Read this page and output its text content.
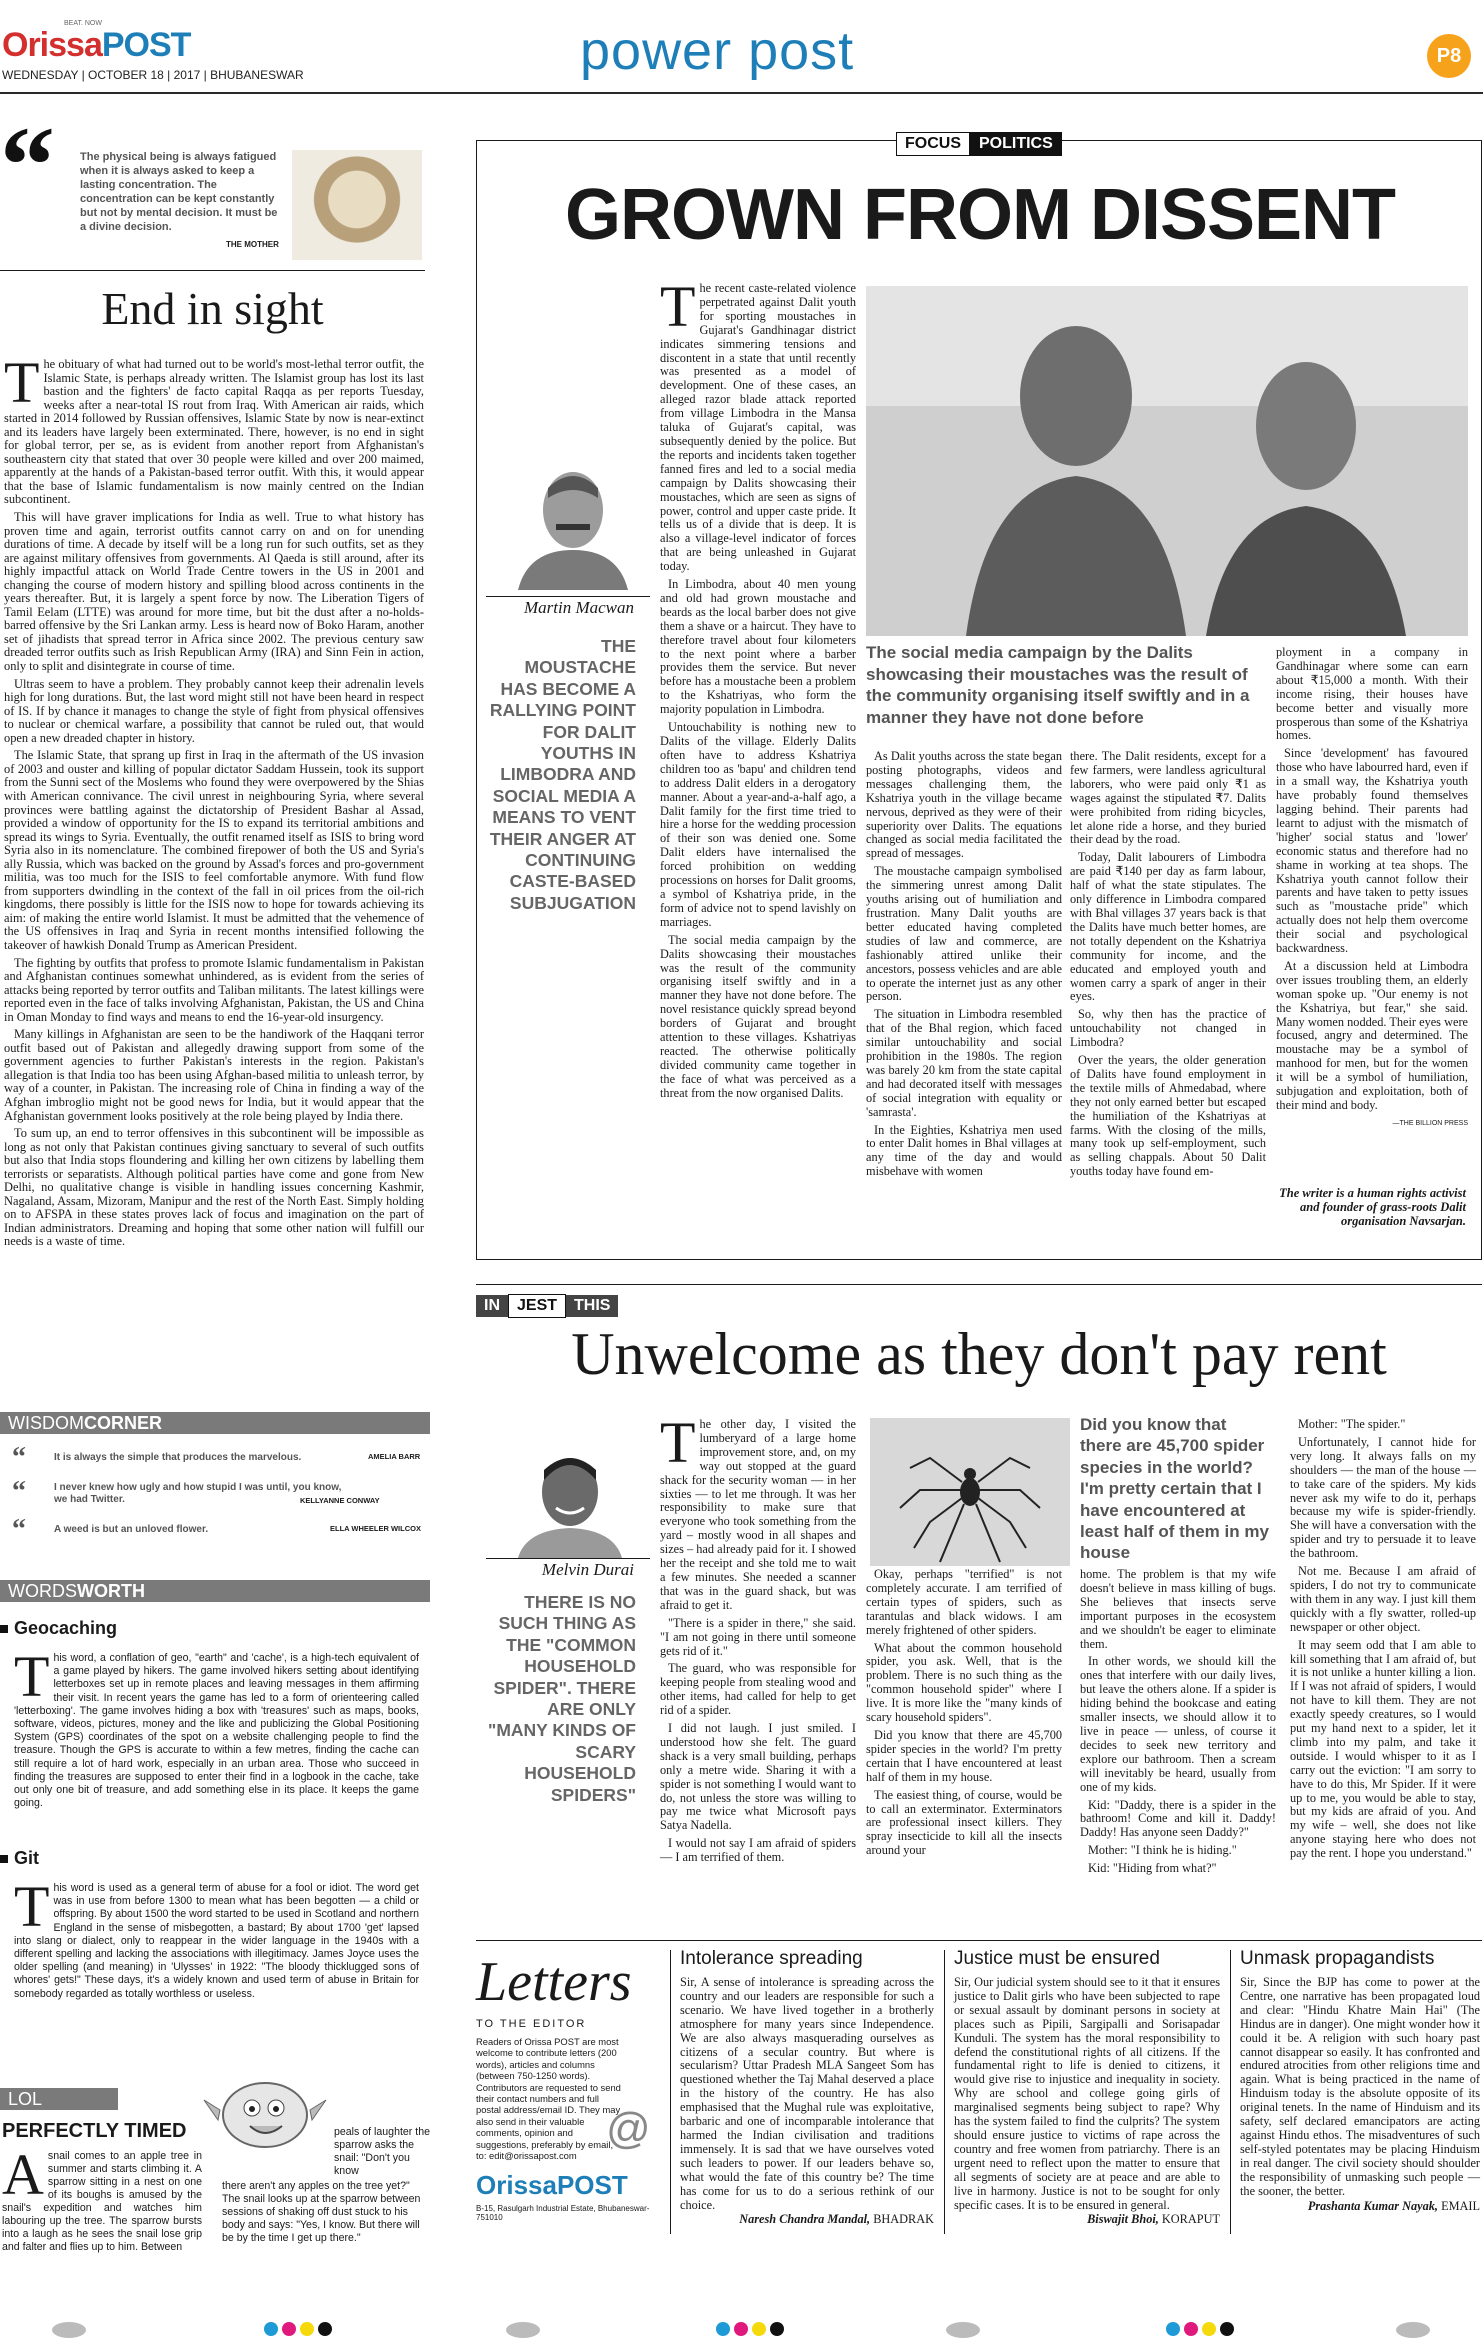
BEAT. NOW
OrissaPOST
WEDNESDAY | OCTOBER 18 | 2017 | BHUBANESWAR	power post	P8
“ The physical being is always fatigued when it is always asked to keep a lasting concentration. The concentration can be kept constantly but not by mental decision. It must be a divine decision.
THE MOTHER
End in sight

The obituary of what had turned out to be world's most-lethal terror outfit, the Islamic State, is perhaps already written. The Islamist group has lost its last bastion and the fighters' de facto capital Raqqa as per reports Tuesday, weeks after a near-total IS rout from Iraq. With American air raids, which started in 2014 followed by Russian offensives, Islamic State by now is near-extinct and its leaders have largely been exterminated. There, however, is no end in sight for global terror, per se, as is evident from another report from Afghanistan's southeastern city that stated that over 30 people were killed and over 200 maimed, apparently at the hands of a Pakistan-based terror outfit. With this, it would appear that the base of Islamic fundamentalism is now mainly centred on the Indian subcontinent.

This will have graver implications for India as well. True to what history has proven time and again, terrorist outfits cannot carry on and on for unending durations of time. A decade by itself will be a long run for such outfits, set as they are against military offensives from governments. Al Qaeda is still around, after its highly impactful attack on World Trade Centre towers in the US in 2001 and changing the course of modern history and spilling blood across continents in the years thereafter. But, it is largely a spent force by now. The Liberation Tigers of Tamil Eelam (LTTE) was around for more time, but bit the dust after a no-holds-barred offensive by the Sri Lankan army. Less is heard now of Boko Haram, another set of jihadists that spread terror in Africa since 2002. The previous century saw dreaded terror outfits such as Irish Republican Army (IRA) and Sinn Fein in action, only to split and disintegrate in course of time.

Ultras seem to have a problem. They probably cannot keep their adrenalin levels high for long durations. But, the last word might still not have been heard in respect of IS. If by chance it manages to change the style of fight from physical offensives to nuclear or chemical warfare, a possibility that cannot be ruled out, that would open a new dreaded chapter in history.

The Islamic State, that sprang up first in Iraq in the aftermath of the US invasion of 2003 and ouster and killing of popular dictator Saddam Hussein, took its support from the Sunni sect of the Moslems who found they were overpowered by the Shias with American connivance. The civil unrest in neighbouring Syria, where several provinces were battling against the dictatorship of President Bashar al Assad, provided a window of opportunity for the IS to expand its territorial ambitions and spread its wings to Syria. Eventually, the outfit renamed itself as ISIS to bring word Syria also in its nomenclature. The combined firepower of both the US and Syria's ally Russia, which was backed on the ground by Assad's forces and pro-government militia, was too much for the ISIS to feel comfortable anymore. With fund flow from supporters dwindling in the context of the fall in oil prices from the oil-rich kingdoms, there possibly is little for the ISIS now to hope for towards achieving its aim: of making the entire world Islamist. It must be admitted that the vehemence of the US offensives in Iraq and Syria in recent months intensified following the takeover of hawkish Donald Trump as American President.

The fighting by outfits that profess to promote Islamic fundamentalism in Pakistan and Afghanistan continues somewhat unhindered, as is evident from the series of attacks being reported by terror outfits and Taliban militants. The latest killings were reported even in the face of talks involving Afghanistan, Pakistan, the US and China in Oman Monday to find ways and means to end the 16-year-old insurgency.

Many killings in Afghanistan are seen to be the handiwork of the Haqqani terror outfit based out of Pakistan and allegedly drawing support from some of the government agencies to further Pakistan's interests in the region. Pakistan's allegation is that India too has been using Afghan-based militia to unleash terror, by way of a counter, in Pakistan. The increasing role of China in finding a way of the Afghan imbroglio might not be good news for India, but it would appear that the Afghanistan government looks positively at the role being played by India there.

To sum up, an end to terror offensives in this subcontinent will be impossible as long as not only that Pakistan continues giving sanctuary to several of such outfits but also that India stops floundering and killing her own citizens by labelling them terrorists or separatists. Although political parties have come and gone from New Delhi, no qualitative change is visible in handling issues concerning Kashmir, Nagaland, Assam, Mizoram, Manipur and the rest of the North East. Simply holding on to AFSPA in these states proves lack of focus and imagination on the part of Indian administrators. Dreaming and hoping that some other nation will fulfill our needs is a waste of time.

WISDOMCORNER
“	It is always the simple that produces the marvelous.	AMELIA BARR
“	I never knew how ugly and how stupid I was until, you know, we had Twitter.	KELLYANNE CONWAY
“	A weed is but an unloved flower.	ELLA WHEELER WILCOX
WORDSWORTH
Geocaching
This word, a conflation of geo, "earth" and 'cache', is a high-tech equivalent of a game played by hikers. The game involved hikers setting about identifying letterboxes set up in remote places and leaving messages in them affirming their visit. In recent years the game has led to a form of orienteering called 'letterboxing'. The game involves hiding a box with 'treasures' such as maps, books, software, videos, pictures, money and the like and publicizing the Global Positioning System (GPS) coordinates of the spot on a website challenging people to find the treasure. Though the GPS is accurate to within a few metres, finding the cache can still require a lot of hard work, especially in an urban area. Those who succeed in finding the treasures are supposed to enter their find in a logbook in the cache, take out only one bit of treasure, and add something else in its place. It keeps the game going.
Git
This word is used as a general term of abuse for a fool or idiot. The word get was in use from before 1300 to mean what has been begotten — a child or offspring. By about 1500 the word started to be used in Scotland and northern England in the sense of misbegotten, a bastard; By about 1700 'get' lapsed into slang or dialect, only to reappear in the wider language in the 1940s with a different spelling and lacking the associations with illegitimacy. James Joyce uses the older spelling (and meaning) in 'Ulysses' in 1922: "The bloody thicklugged sons of whores' gets!" These days, it's a widely known and used term of abuse in Britain for somebody regarded as totally worthless or useless.
LOL
PERFECTLY TIMED
Asnail comes to an apple tree in summer and starts climbing it. A sparrow sitting in a nest on one of its boughs is amused by the snail's expedition and watches him labouring up the tree. The sparrow bursts into a laugh as he sees the snail lose grip and falter and flies up to him. Between
peals of laughter the sparrow asks the snail: "Don't you know
there aren't any apples on the tree yet?" The snail looks up at the sparrow between sessions of shaking off dust stuck to his body and says: "Yes, I know. But there will be by the time I get up there."
FOCUS POLITICS
GROWN FROM DISSENT
Martin Macwan
THE MOUSTACHE HAS BECOME A RALLYING POINT FOR DALIT YOUTHS IN LIMBODRA AND SOCIAL MEDIA A MEANS TO VENT THEIR ANGER AT CONTINUING CASTE-BASED SUBJUGATION

The recent caste-related violence perpetrated against Dalit youth for sporting moustaches in Gujarat's Gandhinagar district indicates simmering tensions and discontent in a state that until recently was presented as a model of development. One of these cases, an alleged razor blade attack reported from village Limbodra in the Mansa taluka of Gujarat's capital, was subsequently denied by the police. But the reports and incidents taken together fanned fires and led to a social media campaign by Dalits showcasing their moustaches, which are seen as signs of power, control and upper caste pride. It tells us of a divide that is deep. It is also a village-level indicator of forces that are being unleashed in Gujarat today.

In Limbodra, about 40 men young and old had grown moustache and beards as the local barber does not give them a shave or a haircut. They have to therefore travel about four kilometers to the next point where a barber provides them the service. But never before has a moustache been a problem to the Kshatriyas, who form the majority population in Limbodra.

Untouchability is nothing new to Dalits of the village. Elderly Dalits often have to address Kshatriya children too as 'bapu' and children tend to address Dalit elders in a derogatory manner. About a year-and-a-half ago, a Dalit family for the first time tried to hire a horse for the wedding procession of their son was denied one. Some Dalit elders have internalised the forced prohibition on wedding processions on horses for Dalit grooms, a symbol of Kshatriya pride, in the form of advice not to spend lavishly on marriages.

The social media campaign by the Dalits showcasing their moustaches was the result of the community organising itself swiftly and in a manner they have not done before. The novel resistance quickly spread beyond borders of Gujarat and brought attention to these villages. Kshatriyas reacted. The otherwise politically divided community came together in the face of what was perceived as a threat from the now organised Dalits.

The social media campaign by the Dalits showcasing their moustaches was the result of the community organising itself swiftly and in a manner they have not done before

ployment in a company in Gandhinagar where some can earn about ₹15,000 a month. With their income rising, their houses have become better and visually more prosperous than some of the Kshatriya homes.

Since 'development' has favoured those who have labourred hard, even if in a small way, the Kshatriya youth have probably found themselves lagging behind. Their parents had learnt to adjust with the mismatch of 'higher' social status and 'lower' economic status and therefore had no shame in working at tea shops. The Kshatriya youth cannot follow their parents and have taken to petty issues such as "moustache pride" which actually does not help them overcome their social and psychological backwardness.

At a discussion held at Limbodra over issues troubling them, an elderly woman spoke up. "Our enemy is not the Kshatriya, but fear," she said. Many women nodded. Their eyes were focused, angry and determined. The moustache may be a symbol of manhood for men, but for the women it will be a symbol of humiliation, subjugation and exploitation, both of their mind and body.

—THE BILLION PRESS

As Dalit youths across the state began posting photographs, videos and messages challenging them, the Kshatriya youth in the village became nervous, deprived as they were of their superiority over Dalits. The equations changed as social media facilitated the spread of messages.

The moustache campaign symbolised the simmering unrest among Dalit youths arising out of humiliation and frustration. Many Dalit youths are better educated having completed studies of law and commerce, are fashionably attired unlike their ancestors, possess vehicles and are able to operate the internet just as any other person.

The situation in Limbodra resembled that of the Bhal region, which faced similar untouchability and social prohibition in the 1980s. The region was barely 20 km from the state capital and had decorated itself with messages of social integration with equality or 'samrasta'.

In the Eighties, Kshatriya men used to enter Dalit homes in Bhal villages at any time of the day and would misbehave with women

there. The Dalit residents, except for a few farmers, were landless agricultural laborers, who were paid only ₹1 as wages against the stipulated ₹7. Dalits were prohibited from riding bicycles, let alone ride a horse, and they buried their dead by the road.

Today, Dalit labourers of Limbodra are paid ₹140 per day as farm labour, half of what the state stipulates. The only difference in Limbodra compared with Bhal villages 37 years back is that the Dalits have much better homes, are not totally dependent on the Kshatriya community for income, and the educated and employed youth and women carry a spark of anger in their eyes.

So, why then has the practice of untouchability not changed in Limbodra?

Over the years, the older generation of Dalits have found employment in the textile mills of Ahmedabad, where they not only earned better but escaped the humiliation of the Kshatriyas at farms. With the closing of the mills, many took up self-employment, such as selling chappals. About 50 Dalit youths today have found em-

The writer is a human rights activist and founder of grass-roots Dalit organisation Navsarjan.
IN JEST THIS
Unwelcome as they don't pay rent
Melvin Durai
THERE IS NO SUCH THING AS THE "COMMON HOUSEHOLD SPIDER". THERE ARE ONLY "MANY KINDS OF SCARY HOUSEHOLD SPIDERS"

The other day, I visited the lumberyard of a large home improvement store, and, on my way out stopped at the guard shack for the security woman — in her sixties — to let me through. It was her responsibility to make sure that everyone who took something from the yard – mostly wood in all shapes and sizes – had already paid for it. I showed her the receipt and she told me to wait a few minutes. She needed a scanner that was in the guard shack, but was afraid to get it.

"There is a spider in there," she said. "I am not going in there until someone gets rid of it."

The guard, who was responsible for keeping people from stealing wood and other items, had called for help to get rid of a spider.

I did not laugh. I just smiled. I understood how she felt. The guard shack is a very small building, perhaps only a metre wide. Sharing it with a spider is not something I would want to do, not unless the store was willing to pay me twice what Microsoft pays Satya Nadella.

I would not say I am afraid of spiders — I am terrified of them.

Did you know that there are 45,700 spider species in the world? I'm pretty certain that I have encountered at least half of them in my house

Okay, perhaps "terrified" is not completely accurate. I am terrified of certain types of spiders, such as tarantulas and black widows. I am merely frightened of other spiders.

What about the common household spider, you ask. Well, that is the problem. There is no such thing as the "common household spider" where I live. It is more like the "many kinds of scary household spiders".

Did you know that there are 45,700 spider species in the world? I'm pretty certain that I have encountered at least half of them in my house.

The easiest thing, of course, would be to call an exterminator. Exterminators are professional insect killers. They spray insecticide to kill all the insects around your

home. The problem is that my wife doesn't believe in mass killing of bugs. She believes that insects serve important purposes in the ecosystem and we shouldn't be eager to eliminate them.

In other words, we should kill the ones that interfere with our daily lives, but leave the others alone. If a spider is hiding behind the bookcase and eating smaller insects, we should allow it to live in peace — unless, of course it decides to seek new territory and explore our bathroom. Then a scream will inevitably be heard, usually from one of my kids.

Kid: "Daddy, there is a spider in the bathroom! Come and kill it. Daddy! Daddy! Has anyone seen Daddy?"

Mother: "I think he is hiding."

Kid: "Hiding from what?"

Mother: "The spider."

Unfortunately, I cannot hide for very long. It always falls on my shoulders — the man of the house — to take care of the spiders. My kids never ask my wife to do it, perhaps because my wife is spider-friendly. She will have a conversation with the spider and try to persuade it to leave the bathroom.

Not me. Because I am afraid of spiders, I do not try to communicate with them in any way. I just kill them quickly with a fly swatter, rolled-up newspaper or other object.

It may seem odd that I am able to kill something that I am afraid of, but it is not unlike a hunter killing a lion. If I was not afraid of spiders, I would not have to kill them. They are not exactly speedy creatures, so I would put my hand next to a spider, let it climb into my palm, and take it outside. I would whisper to it as I carry out the eviction: "I am sorry to have to do this, Mr Spider. If it were up to me, you would be able to stay, but my kids are afraid of you. And my wife – well, she does not like anyone staying here who does not pay the rent. I hope you understand."

Letters
TO THE EDITOR
Readers of Orissa POST are most welcome to contribute letters (200 words), articles and columns (between 750-1250 words). Contributors are requested to send their contact numbers and full postal address/email ID. They may also send in their valuable comments, opinion and suggestions, preferably by email, to: edit@orissapost.com
@
OrissaPOST
B-15, Rasulgarh Industrial Estate, Bhubaneswar-751010
Intolerance spreading
Sir, A sense of intolerance is spreading across the country and our leaders are responsible for such a scenario. We have lived together in a brotherly atmosphere for many years since Independence. We are also always masquerading ourselves as citizens of a secular country. But where is secularism? Uttar Pradesh MLA Sangeet Som has questioned whether the Taj Mahal deserved a place in the history of the country. He has also emphasised that the Mughal rule was exploitative, barbaric and one of incomparable intolerance that harmed the Indian civilisation and traditions immensely. It is sad that we have ourselves voted such leaders to power. If our leaders behave so, what would the fate of this country be? The time has come for us to do a serious rethink of our choice.
Naresh Chandra Mandal, BHADRAK
Justice must be ensured
Sir, Our judicial system should see to it that it ensures justice to Dalit girls who have been subjected to rape or sexual assault by dominant persons in society at places such as Pipili, Sargipalli and Sorisapadar Kunduli. The system has the moral responsibility to defend the constitutional rights of all citizens. If the fundamental right to life is denied to citizens, it would give rise to injustice and inequality in society. Why are school and college going girls of marginalised segments being subject to rape? Why has the system failed to find the culprits? The system should ensure justice to victims of rape across the country and free women from patriarchy. There is an urgent need to reflect upon the matter to ensure that all segments of society are at peace and are able to live in harmony. Justice is not to be sought for only specific cases. It is to be ensured in general.
Biswajit Bhoi, KORAPUT
Unmask propagandists
Sir, Since the BJP has come to power at the Centre, one narrative has been propagated loud and clear: "Hindu Khatre Main Hai" (The Hindus are in danger). One might wonder how it could it be. A religion with such hoary past cannot disappear so easily. It has confronted and endured atrocities from other religions time and again. What is being practiced in the name of Hinduism today is the absolute opposite of its original tenets. In the name of Hinduism and its safety, self declared emancipators are acting against Hindu ethos. The misadventures of such self-styled potentates may be placing Hinduism in real danger. The civil society should shoulder the responsibility of unmasking such people — the sooner, the better.
Prashanta Kumar Nayak, EMAIL
